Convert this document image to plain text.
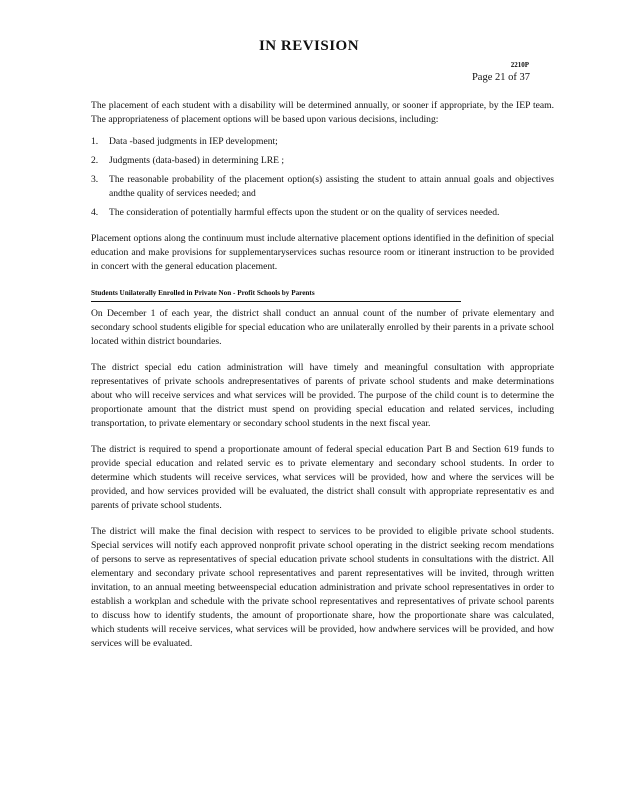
IN REVISION
2210P
Page 21 of 37

The placement of each student with a disability will be determined annually, or sooner if appropriate, by the IEP team. The appropriateness of placement options will be based upon various decisions, including:

1.	Data -based judgments in IEP development;
2.	Judgments (data-based) in determining LRE ;
3.	The reasonable probability of the placement option(s) assisting the student to attain annual goals and objectives andthe quality of services needed; and
4.	The consideration of potentially harmful effects upon the student or on the quality of services needed.

Placement options along the continuum must include alternative placement options identified in the definition of special education and make provisions for supplementaryservices suchas resource room or itinerant instruction to be provided in concert with the general education placement.

Students Unilaterally Enrolled in Private Non - Profit Schools by Parents

On December 1 of each year, the district shall conduct an annual count of the number of private elementary and secondary school students eligible for special education who are unilaterally enrolled by their parents in a private school located within district boundaries.

The district special edu cation administration will have timely and meaningful consultation with appropriate representatives of private schools andrepresentatives of parents of private school students and make determinations about who will receive services and what services will be provided. The purpose of the child count is to determine the proportionate amount that the district must spend on providing special education and related services, including transportation, to private elementary or secondary school students in the next fiscal year.

The district is required to spend a proportionate amount of federal special education Part B and Section 619 funds to provide special education and related servic es to private elementary and secondary school students. In order to determine which students will receive services, what services will be provided, how and where the services will be provided, and how services provided will be evaluated, the district shall consult with appropriate representativ es and parents of private school students.

The district will make the final decision with respect to services to be provided to eligible private school students. Special services will notify each approved nonprofit private school operating in the district seeking recom mendations of persons to serve as representatives of special education private school students in consultations with the district. All elementary and secondary private school representatives and parent representatives will be invited, through written invitation, to an annual meeting betweenspecial education administration and private school representatives in order to establish a workplan and schedule with the private school representatives and representatives of private school parents to discuss how to identify students, the amount of proportionate share, how the proportionate share was calculated, which students will receive services, what services will be provided, how andwhere services will be provided, and how services will be evaluated.
